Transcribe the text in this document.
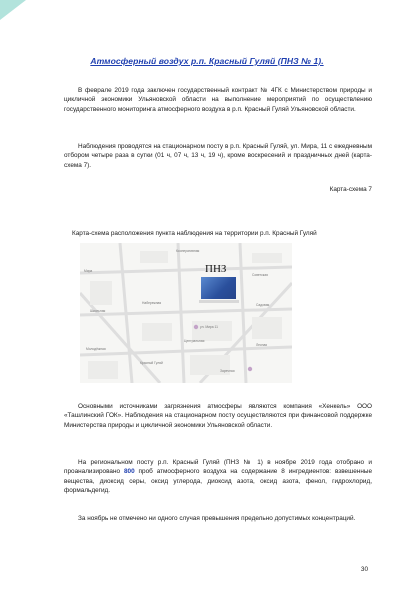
Атмосферный воздух р.п. Красный Гуляй (ПНЗ № 1).

В феврале 2019 года заключен государственный контракт № 4ГК с Министерством природы и цикличной экономики Ульяновской области на выполнение мероприятий по осуществлению государственного мониторинга атмосферного воздуха в р.п. Красный Гуляй Ульяновской области.

Наблюдения проводятся на стационарном посту в р.п. Красный Гуляй, ул. Мира, 11 с ежедневным отбором четыре раза в сутки (01 ч, 07 ч, 13 ч, 19 ч), кроме воскресений и праздничных дней (карта-схема 7).

Карта-схема 7
Карта-схема расположения пункта наблюдения на территории р.п. Красный Гуляй
Кооперативная
Мира
Набережная
Школьная
Советская
Садовая
Красный Гуляй
Молодёжная
Лесная
ул. Мира 11
Центральная
Заречная
ПНЗ

Основными источниками загрязнения атмосферы являются компания «Хенкель» ООО «Ташлинский ГОК». Наблюдения на стационарном посту осуществляются при финансовой поддержке Министерства природы и цикличной экономики Ульяновской области.

На региональном посту р.п. Красный Гуляй (ПНЗ № 1) в ноябре 2019 года отобрано и проанализировано 800 проб атмосферного воздуха на содержание 8 ингредиентов: взвешенные вещества, диоксид серы, оксид углерода, диоксид азота, оксид азота, фенол, гидрохлорид, формальдегид.

За ноябрь не отмечено ни одного случая превышения предельно допустимых концентраций.

30
